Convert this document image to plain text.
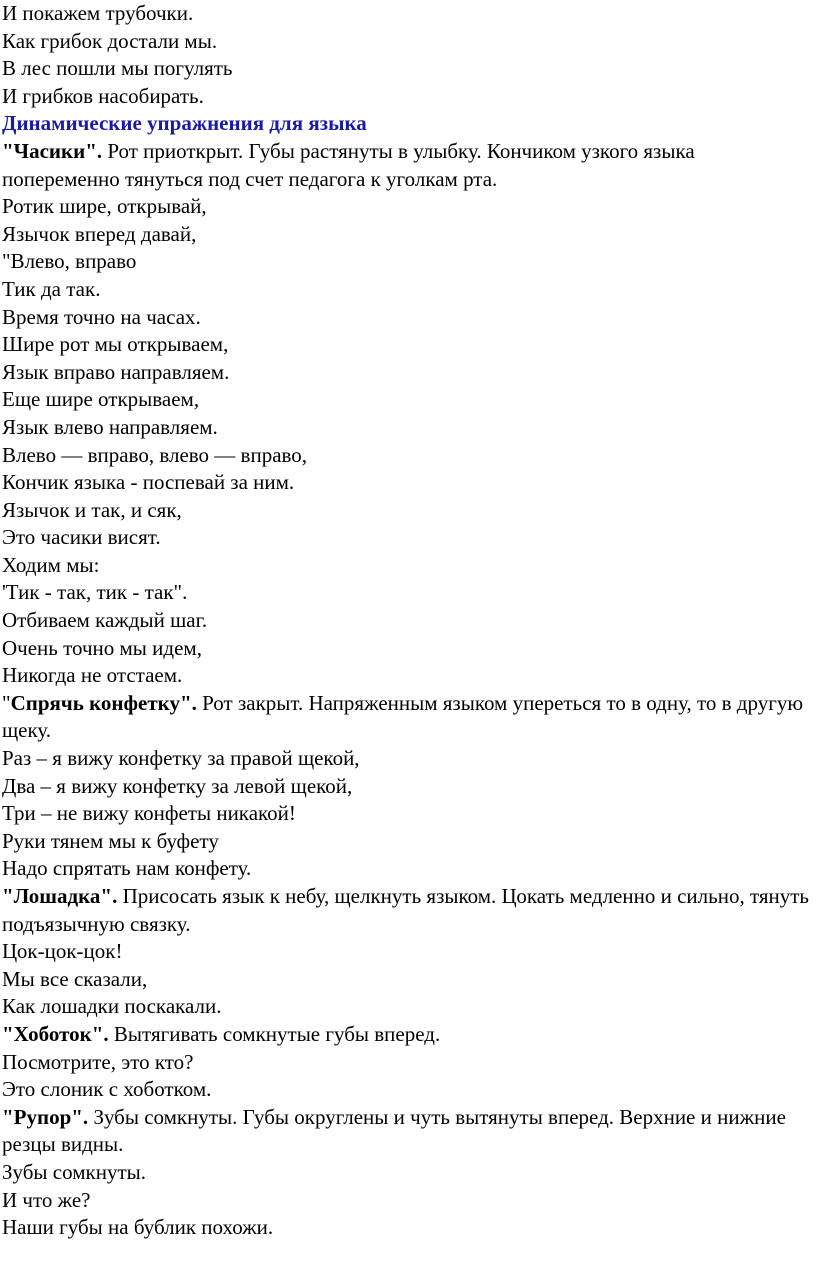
И покажем трубочки.

Как грибок достали мы.

В лес пошли мы погулять

И грибков насобирать.

Динамические упражнения для языка

"Часики". Рот приоткрыт. Губы растянуты в улыбку. Кончиком узкого языка попеременно тянуться под счет педагога к уголкам рта.

Ротик шире, открывай,

Язычок вперед давай,

"Влево, вправо

Тик да так.

Время точно на часах.

Шире рот мы открываем,

Язык вправо направляем.

Еще шире открываем,

Язык влево направляем.

Влево — вправо, влево — вправо,

Кончик языка - поспевай за ним.

Язычок и так, и сяк,

Это часики висят.

Ходим мы:

'Тик - так, тик - так".

Отбиваем каждый шаг.

Очень точно мы идем,

Никогда не отстаем.

"Спрячь конфетку". Рот закрыт. Напряженным языком упереться то в одну, то в другую щеку.

Раз – я вижу конфетку за правой щекой,

Два – я вижу конфетку за левой щекой,

Три – не вижу конфеты никакой!

Руки тянем мы к буфету

Надо спрятать нам конфету.

"Лошадка". Присосать язык к небу, щелкнуть языком. Цокать медленно и сильно, тянуть подъязычную связку.

Цок-цок-цок!

Мы все сказали,

Как лошадки поскакали.

"Хоботок". Вытягивать сомкнутые губы вперед.

Посмотрите, это кто?

Это слоник с хоботком.

"Рупор". Зубы сомкнуты. Губы округлены и чуть вытянуты вперед. Верхние и нижние резцы видны.

Зубы сомкнуты.

И что же?

Наши губы на бублик похожи.
